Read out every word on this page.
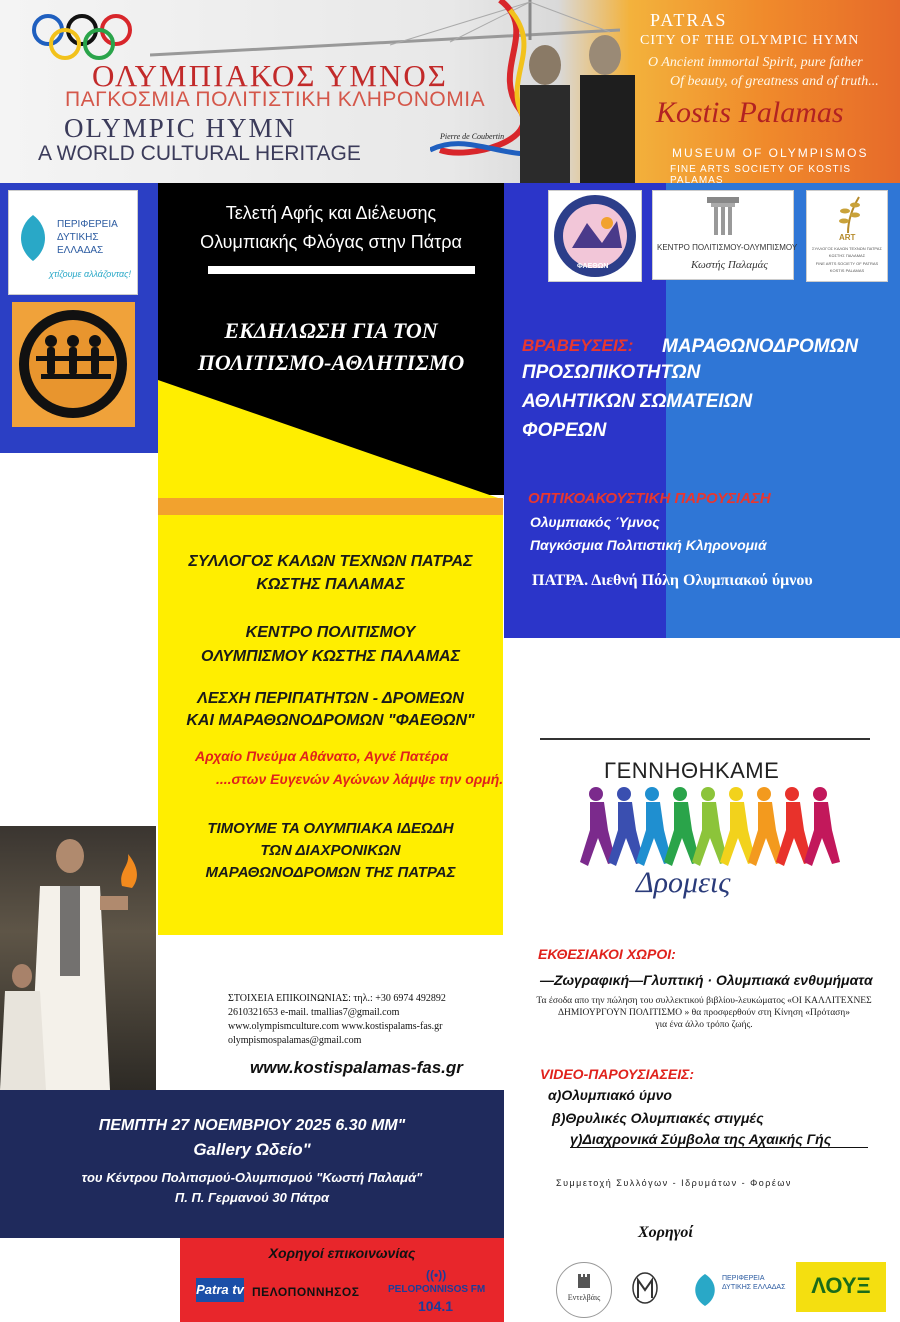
ΟΛΥΜΠΙΑΚΟΣ ΥΜΝΟΣ
ΠΑΓΚΟΣΜΙΑ ΠΟΛΙΤΙΣΤΙΚΗ ΚΛΗΡΟΝΟΜΙΑ
OLYMPIC HYMN
A WORLD CULTURAL HERITAGE
Pierre de Coubertin
PATRAS
CITY OF THE OLYMPIC HYMN
O Ancient immortal Spirit, pure father
Of beauty, of greatness and of truth...
Kostis Palamas
MUSEUM OF OLYMPISMOS
FINE ARTS SOCIETY OF KOSTIS PALAMAS
ΠΕΡΙΦΕΡΕΙΑ
ΔΥΤΙΚΗΣ
ΕΛΛΑΔΑΣ
χτίζουμε αλλάζοντας!
ΦΑΕΘΩΝ
ΚΕΝΤΡΟ ΠΟΛΙΤΙΣΜΟΥ-ΟΛΥΜΠΙΣΜΟΥ
Κωστής Παλαμάς
ART
ΣΥΛΛΟΓΟΣ ΚΑΛΩΝ ΤΕΧΝΩΝ ΠΑΤΡΑΣ
ΚΩΣΤΗΣ ΠΑΛΑΜΑΣ
FINE ARTS SOCIETY OF PATRAS
KOSTIS PALAMAS
Τελετή Αφής και Διέλευσης
Ολυμπιακής Φλόγας στην Πάτρα
ΕΚΔΗΛΩΣΗ ΓΙΑ ΤΟΝ
ΠΟΛΙΤΙΣΜΟ-ΑΘΛΗΤΙΣΜΟ
ΒΡΑΒΕΥΣΕΙΣ: ΜΑΡΑΘΩΝΟΔΡΟΜΩΝ
ΠΡΟΣΩΠΙΚΟΤΗΤΩΝ
ΑΘΛΗΤΙΚΩΝ ΣΩΜΑΤΕΙΩΝ
ΦΟΡΕΩΝ
ΟΠΤΙΚΟΑΚΟΥΣΤΙΚΗ ΠΑΡΟΥΣΙΑΣΗ
Ολυμπιακός Ύμνος
Παγκόσμια Πολιτιστική Κληρονομιά
ΠΑΤΡΑ. Διεθνή Πόλη Ολυμπιακού ύμνου
ΣΥΛΛΟΓΟΣ ΚΑΛΩΝ ΤΕΧΝΩΝ ΠΑΤΡΑΣ
ΚΩΣΤΗΣ ΠΑΛΑΜΑΣ
ΚΕΝΤΡΟ ΠΟΛΙΤΙΣΜΟΥ
ΟΛΥΜΠΙΣΜΟΥ ΚΩΣΤΗΣ ΠΑΛΑΜΑΣ
ΛΕΣΧΗ ΠΕΡΙΠΑΤΗΤΩΝ - ΔΡΟΜΕΩΝ
ΚΑΙ ΜΑΡΑΘΩΝΟΔΡΟΜΩΝ "ΦΑΕΘΩΝ"
Αρχαίο Πνεύμα Αθάνατο, Αγνέ Πατέρα
....στων Ευγενών Αγώνων λάμψε την ορμή.
ΤΙΜΟΥΜΕ ΤΑ ΟΛΥΜΠΙΑΚΑ ΙΔΕΩΔΗ
ΤΩΝ ΔΙΑΧΡΟΝΙΚΩΝ
ΜΑΡΑΘΩΝΟΔΡΟΜΩΝ ΤΗΣ ΠΑΤΡΑΣ
ΣΤΟΙΧΕΙΑ ΕΠΙΚΟΙΝΩΝΙΑΣ: τηλ.: +30 6974 492892
2610321653 e-mail. tmallias7@gmail.com
www.olympismculture.com www.kostispalams-fas.gr
olympismospalamas@gmail.com
www.kostispalamas-fas.gr
ΠΕΜΠΤΗ 27 ΝΟΕΜΒΡΙΟΥ 2025 6.30 ΜΜ"
Gallery Ωδείο"
του Κέντρου Πολιτισμού-Ολυμπισμού "Κωστή Παλαμά"
Π. Π. Γερμανού 30 Πάτρα
Χορηγοί επικοινωνίας
Patra tv ΠΕΛΟΠΟΝΝΗΣΟΣ
((•))
PELOPONNISOS FM
104.1
ΓΕΝΝΗΘΗΚΑΜΕ
Δρομεις
ΕΚΘΕΣΙΑΚΟΙ ΧΩΡΟΙ:
—Ζωγραφική—Γλυπτική · Ολυμπιακά ενθυμήματα
Τα έσοδα απο την πώληση του συλλεκτικού βιβλίου-λευκώματος «ΟΙ ΚΑΛΛΙΤΕΧΝΕΣ
ΔΗΜΙΟΥΡΓΟΥΝ ΠΟΛΙΤΙΣΜΟ » θα προσφερθούν στη Κίνηση «Πρόταση»
για ένα άλλο τρόπο ζωής.
VIDEO-ΠΑΡΟΥΣΙΑΣΕΙΣ:
α)Ολυμπιακό ύμνο
β)Θρυλικές Ολυμπιακές στιγμές
γ)Διαχρονικά Σύμβολα της Αχαικής Γής
Συμμετοχή Συλλόγων - Ιδρυμάτων - Φορέων
Χορηγοί
Εντελβάις
ΠΕΡΙΦΕΡΕΙΑ ΔΥΤΙΚΗΣ ΕΛΛΑΔΑΣ	ΛΟΥΞ
